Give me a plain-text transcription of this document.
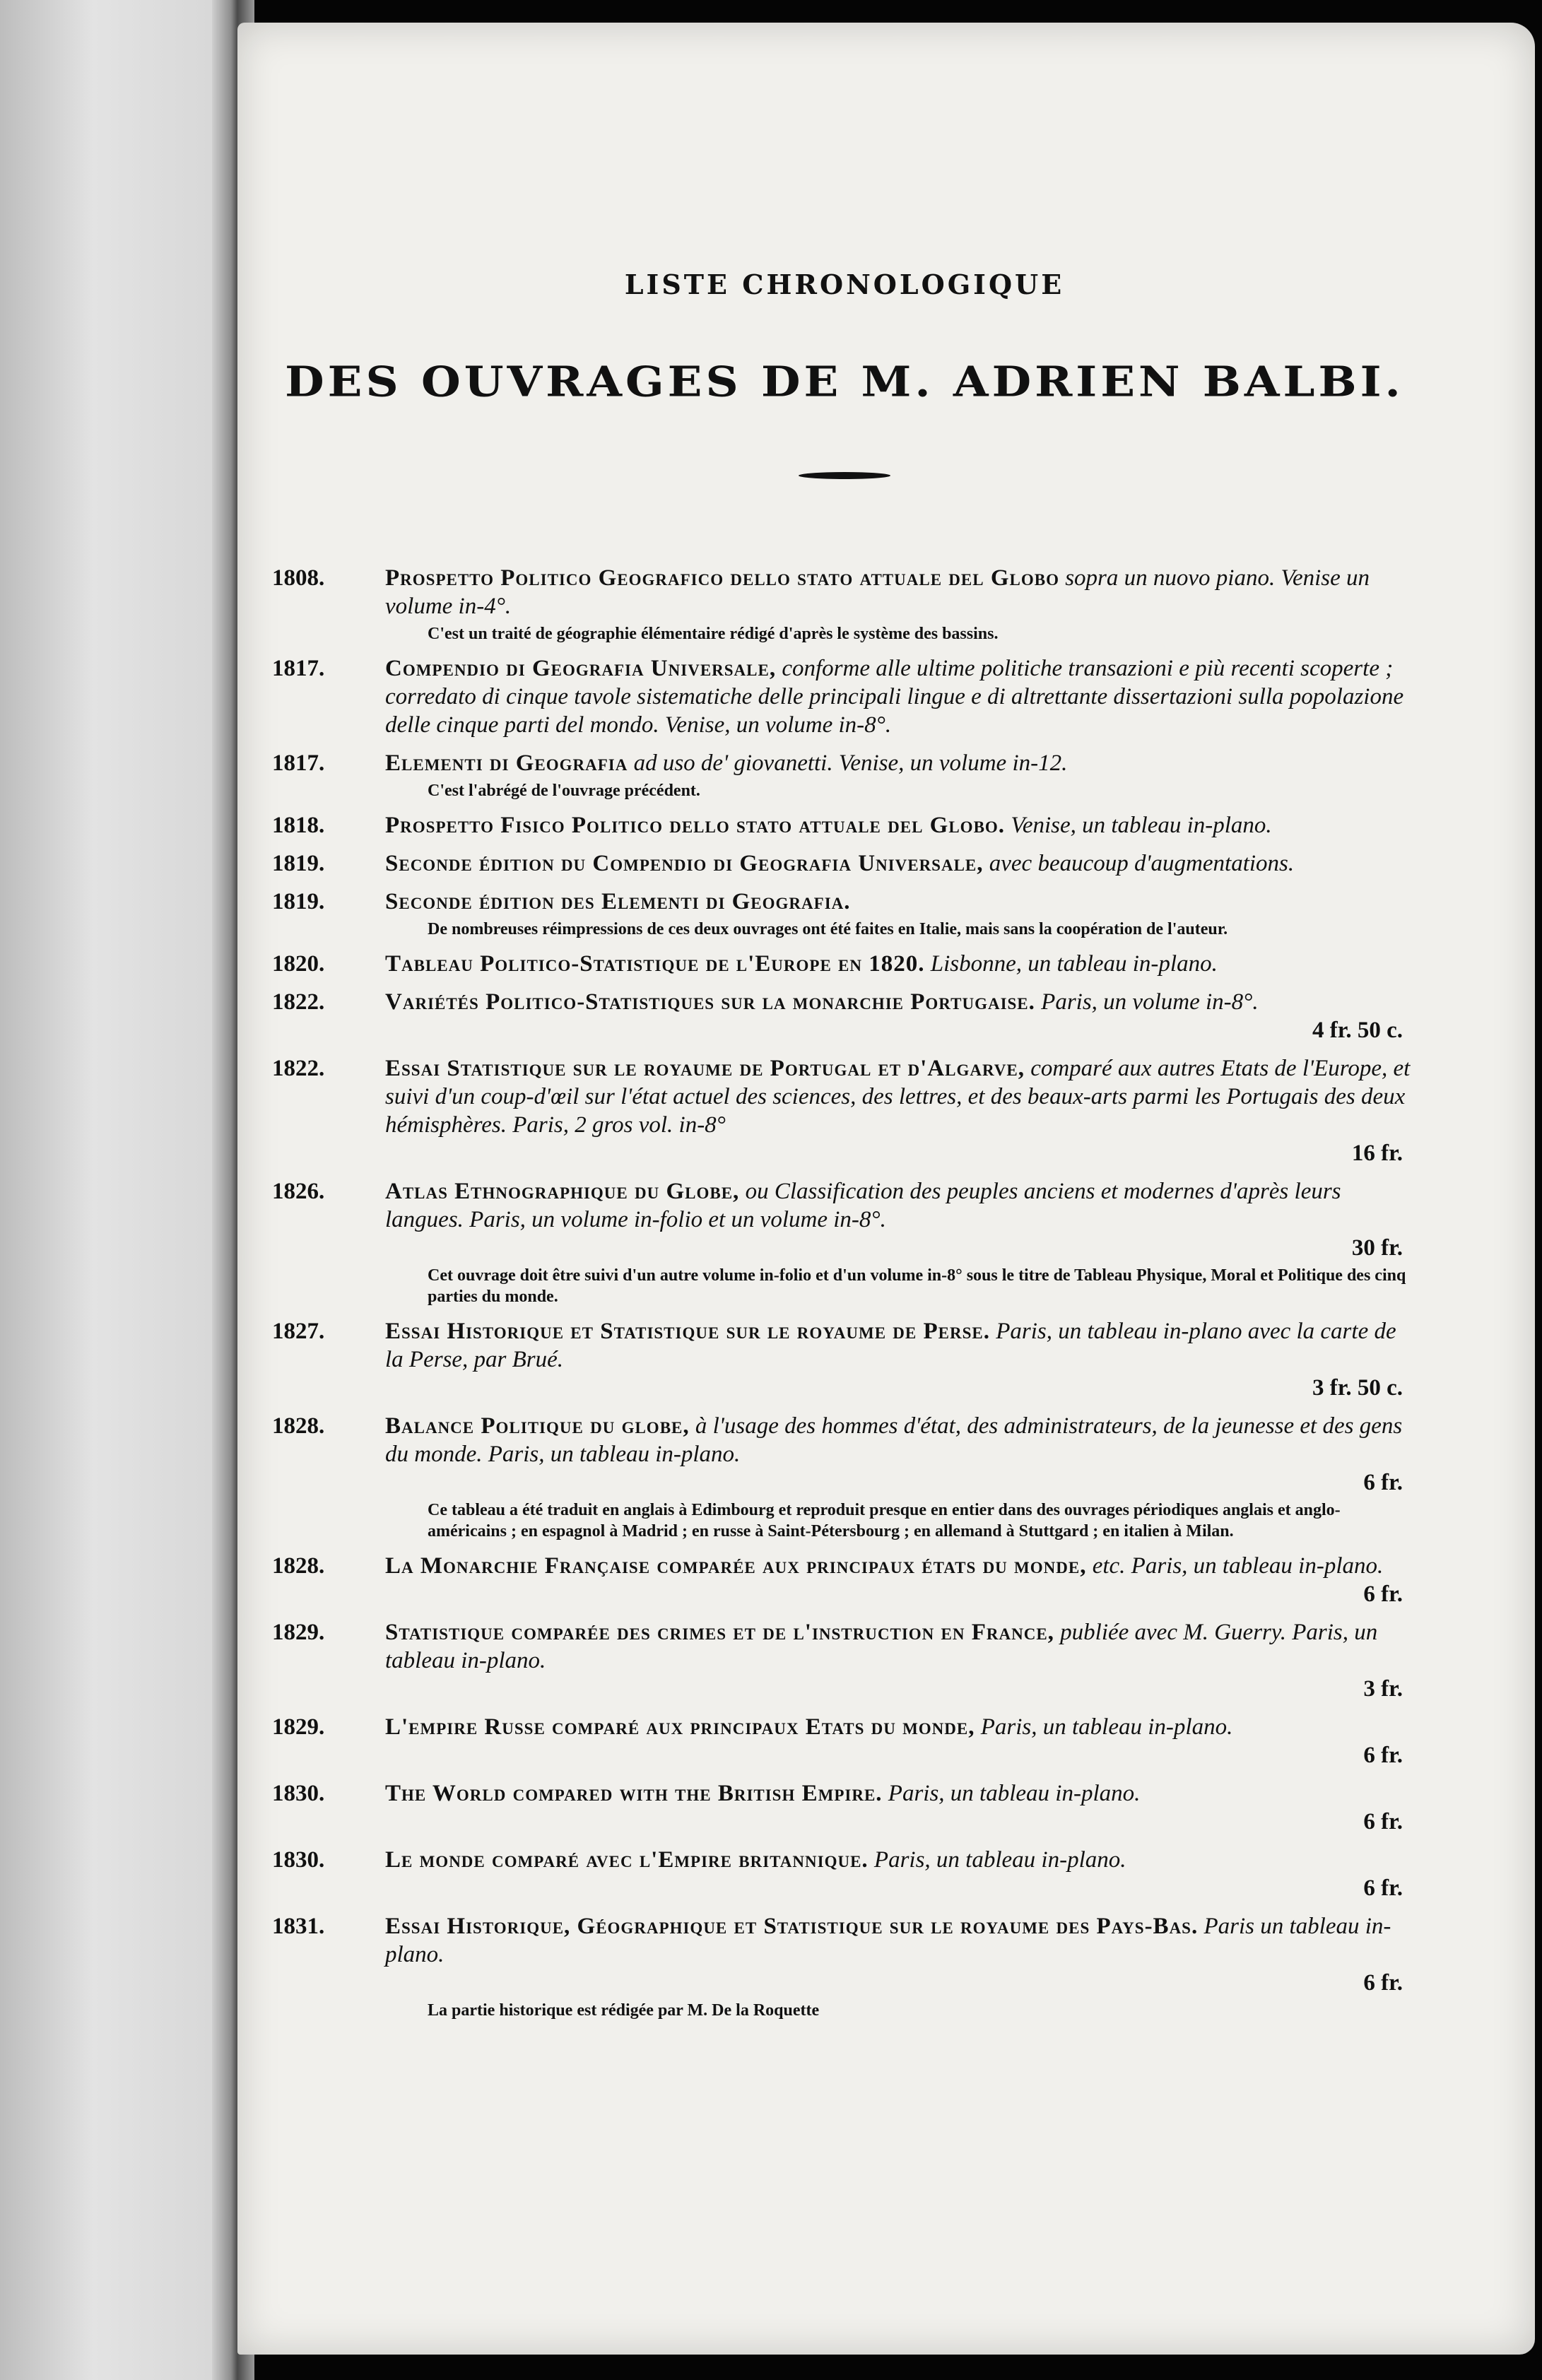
LISTE CHRONOLOGIQUE
DES OUVRAGES DE M. ADRIEN BALBI.
1808.	Prospetto Politico Geografico dello stato attuale del Globo sopra un nuovo piano. Venise un volume in-4°.
C'est un traité de géographie élémentaire rédigé d'après le système des bassins.
1817.	Compendio di Geografia Universale, conforme alle ultime politiche transazioni e più recenti scoperte ; corredato di cinque tavole sistematiche delle principali lingue e di altrettante dissertazioni sulla popolazione delle cinque parti del mondo. Venise, un volume in-8°.
1817.	Elementi di Geografia ad uso de' giovanetti. Venise, un volume in-12.
C'est l'abrégé de l'ouvrage précédent.
1818.	Prospetto Fisico Politico dello stato attuale del Globo. Venise, un tableau in-plano.
1819.	Seconde édition du Compendio di Geografia Universale, avec beaucoup d'augmentations.
1819.	Seconde édition des Elementi di Geografia.
De nombreuses réimpressions de ces deux ouvrages ont été faites en Italie, mais sans la coopération de l'auteur.
1820.	Tableau Politico-Statistique de l'Europe en 1820. Lisbonne, un tableau in-plano.
1822.	Variétés Politico-Statistiques sur la monarchie Portugaise. Paris, un volume in-8°.
4 fr. 50 c.
1822.	Essai Statistique sur le royaume de Portugal et d'Algarve, comparé aux autres Etats de l'Europe, et suivi d'un coup-d'œil sur l'état actuel des sciences, des lettres, et des beaux-arts parmi les Portugais des deux hémisphères. Paris, 2 gros vol. in-8°
16 fr.
1826.	Atlas Ethnographique du Globe, ou Classification des peuples anciens et modernes d'après leurs langues. Paris, un volume in-folio et un volume in-8°.
30 fr.
Cet ouvrage doit être suivi d'un autre volume in-folio et d'un volume in-8° sous le titre de Tableau Physique, Moral et Politique des cinq parties du monde.
1827.	Essai Historique et Statistique sur le royaume de Perse. Paris, un tableau in-plano avec la carte de la Perse, par Brué.
3 fr. 50 c.
1828.	Balance Politique du globe, à l'usage des hommes d'état, des administrateurs, de la jeunesse et des gens du monde. Paris, un tableau in-plano.
6 fr.
Ce tableau a été traduit en anglais à Edimbourg et reproduit presque en entier dans des ouvrages périodiques anglais et anglo-américains ; en espagnol à Madrid ; en russe à Saint-Pétersbourg ; en allemand à Stuttgard ; en italien à Milan.
1828.	La Monarchie Française comparée aux principaux états du monde, etc. Paris, un tableau in-plano.
6 fr.
1829.	Statistique comparée des crimes et de l'instruction en France, publiée avec M. Guerry. Paris, un tableau in-plano.
3 fr.
1829.	L'empire Russe comparé aux principaux Etats du monde, Paris, un tableau in-plano.
6 fr.
1830.	The World compared with the British Empire. Paris, un tableau in-plano.
6 fr.
1830.	Le monde comparé avec l'Empire britannique. Paris, un tableau in-plano.
6 fr.
1831.	Essai Historique, Géographique et Statistique sur le royaume des Pays-Bas. Paris un tableau in-plano.
6 fr.
La partie historique est rédigée par M. De la Roquette
